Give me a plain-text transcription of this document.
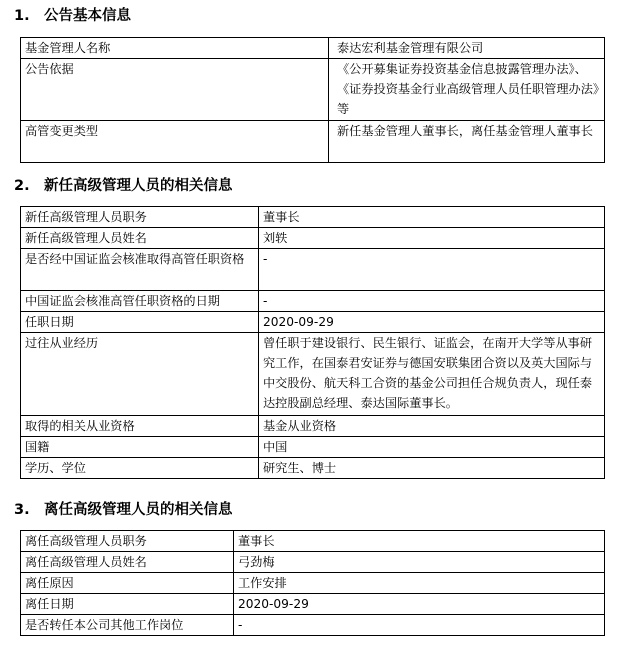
1. 公告基本信息
基金管理人名称	泰达宏利基金管理有限公司
公告依据	《公开募集证券投资基金信息披露管理办法》、《证券投资基金行业高级管理人员任职管理办法》等
高管变更类型	新任基金管理人董事长，离任基金管理人董事长
2. 新任高级管理人员的相关信息
新任高级管理人员职务	董事长
新任高级管理人员姓名	刘轶
是否经中国证监会核准取得高管任职资格	-
中国证监会核准高管任职资格的日期	-
任职日期	2020-09-29
过往从业经历	曾任职于建设银行、民生银行、证监会，在南开大学等从事研究工作，在国泰君安证券与德国安联集团合资以及英大国际与中交股份、航天科工合资的基金公司担任合规负责人，现任泰达控股副总经理、泰达国际董事长。
取得的相关从业资格	基金从业资格
国籍	中国
学历、学位	研究生、博士
3. 离任高级管理人员的相关信息
离任高级管理人员职务	董事长
离任高级管理人员姓名	弓劲梅
离任原因	工作安排
离任日期	2020-09-29
是否转任本公司其他工作岗位	-
